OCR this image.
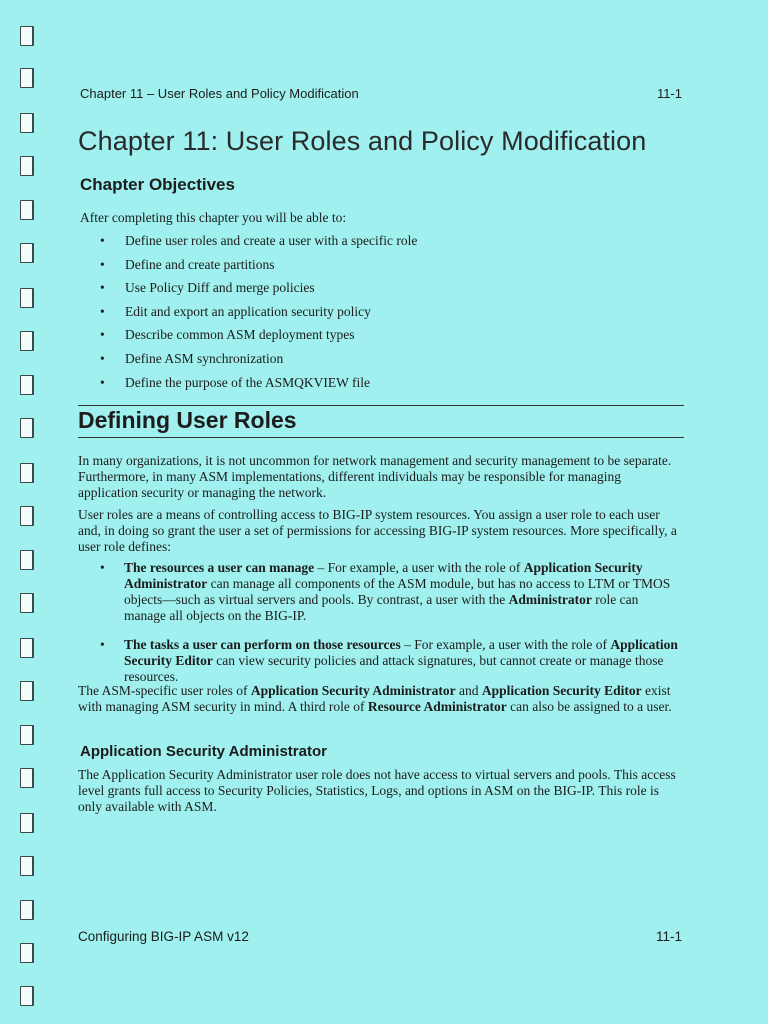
Chapter 11 – User Roles and Policy Modification	11-1
Chapter 11: User Roles and Policy Modification
Chapter Objectives
After completing this chapter you will be able to:
•	Define user roles and create a user with a specific role
•	Define and create partitions
•	Use Policy Diff and merge policies
•	Edit and export an application security policy
•	Describe common ASM deployment types
•	Define ASM synchronization
•	Define the purpose of the ASMQKVIEW file
Defining User Roles

In many organizations, it is not uncommon for network management and security management to be separate. Furthermore, in many ASM implementations, different individuals may be responsible for managing application security or managing the network.

User roles are a means of controlling access to BIG-IP system resources. You assign a user role to each user and, in doing so grant the user a set of permissions for accessing BIG-IP system resources. More specifically, a user role defines:

•	The resources a user can manage – For example, a user with the role of Application Security Administrator can manage all components of the ASM module, but has no access to LTM or TMOS objects—such as virtual servers and pools. By contrast, a user with the Administrator role can manage all objects on the BIG-IP.
•	The tasks a user can perform on those resources – For example, a user with the role of Application Security Editor can view security policies and attack signatures, but cannot create or manage those resources.

The ASM-specific user roles of Application Security Administrator and Application Security Editor exist with managing ASM security in mind. A third role of Resource Administrator can also be assigned to a user.

Application Security Administrator

The Application Security Administrator user role does not have access to virtual servers and pools. This access level grants full access to Security Policies, Statistics, Logs, and options in ASM on the BIG-IP. This role is only available with ASM.

Configuring BIG-IP ASM v12	11-1
